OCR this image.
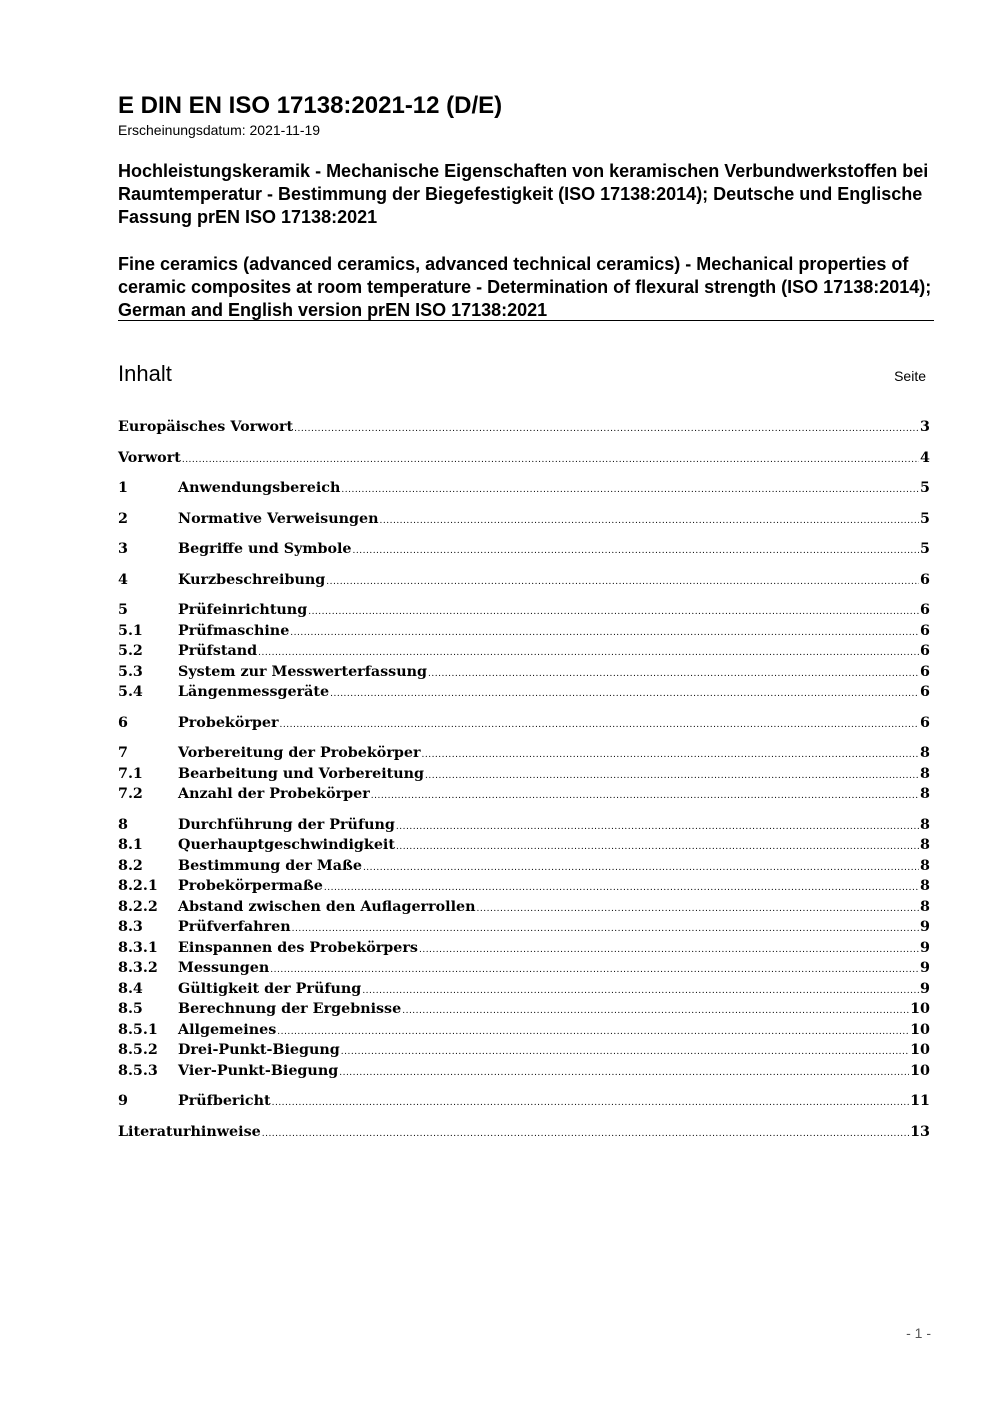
E DIN EN ISO 17138:2021-12 (D/E)
Erscheinungsdatum: 2021-11-19
Hochleistungskeramik - Mechanische Eigenschaften von keramischen Verbundwerkstoffen bei Raumtemperatur - Bestimmung der Biegefestigkeit (ISO 17138:2014); Deutsche und Englische Fassung prEN ISO 17138:2021
Fine ceramics (advanced ceramics, advanced technical ceramics) - Mechanical properties of ceramic composites at room temperature - Determination of flexural strength (ISO 17138:2014); German and English version prEN ISO 17138:2021
Inhalt	Seite
Europäisches Vorwort .....	3
Vorwort .....	4
1	Anwendungsbereich .....	5
2	Normative Verweisungen .....	5
3	Begriffe und Symbole .....	5
4	Kurzbeschreibung .....	6
5	Prüfeinrichtung .....	6
5.1	Prüfmaschine .....	6
5.2	Prüfstand .....	6
5.3	System zur Messwerterfassung .....	6
5.4	Längenmessgeräte .....	6
6	Probekörper .....	6
7	Vorbereitung der Probekörper .....	8
7.1	Bearbeitung und Vorbereitung .....	8
7.2	Anzahl der Probekörper .....	8
8	Durchführung der Prüfung .....	8
8.1	Querhauptgeschwindigkeit .....	8
8.2	Bestimmung der Maße .....	8
8.2.1	Probekörpermaße .....	8
8.2.2	Abstand zwischen den Auflagerrollen .....	8
8.3	Prüfverfahren .....	9
8.3.1	Einspannen des Probekörpers .....	9
8.3.2	Messungen .....	9
8.4	Gültigkeit der Prüfung .....	9
8.5	Berechnung der Ergebnisse .....	10
8.5.1	Allgemeines .....	10
8.5.2	Drei-Punkt-Biegung .....	10
8.5.3	Vier-Punkt-Biegung .....	10
9	Prüfbericht .....	11
Literaturhinweise .....	13
- 1 -
